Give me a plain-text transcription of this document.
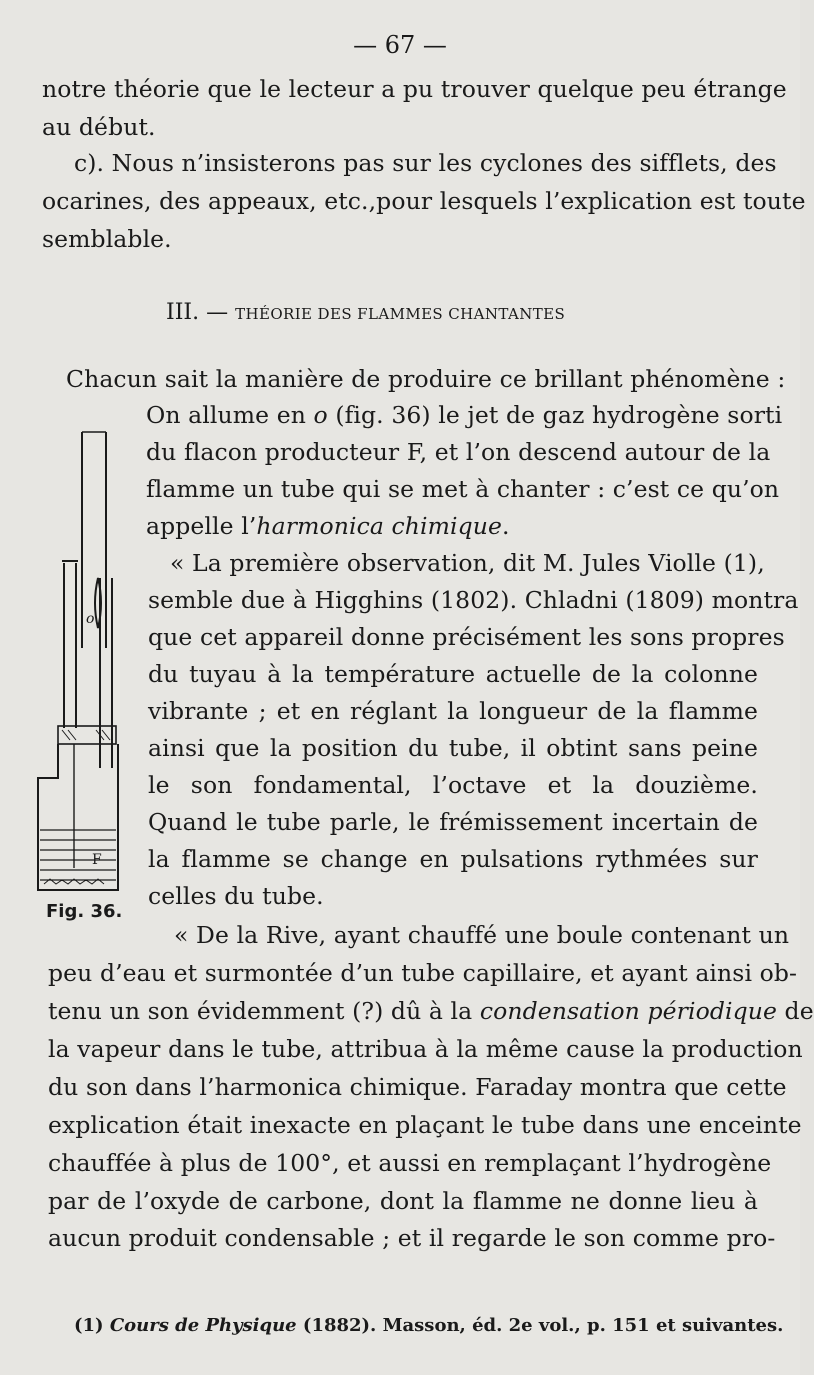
— 67 —
notre théorie que le lecteur a pu trouver quelque peu étrange
au début.
c). Nous n’insisterons pas sur les cyclones des sifflets, des
ocarines, des appeaux, etc.,pour lesquels l’explication est toute
semblable.
III. — THÉORIE DES FLAMMES CHANTANTES
Chacun sait la manière de produire ce brillant phénomène :
On allume en o (fig. 36) le jet de gaz hydrogène sorti
du flacon producteur F, et l’on descend autour de la
flamme un tube qui se met à chanter : c’est ce qu’on
appelle l’harmonica chimique.
« La première observation, dit M. Jules Violle (1),
semble due à Higghins (1802). Chladni (1809) montra
que cet appareil donne précisément les sons propres
du tuyau à la température actuelle de la colonne
vibrante ; et en réglant la longueur de la flamme
ainsi que la position du tube, il obtint sans peine
le son fondamental, l’octave et la douzième.
Quand le tube parle, le frémissement incertain de
la flamme se change en pulsations rythmées sur
celles du tube.
« De la Rive, ayant chauffé une boule contenant un
peu d’eau et surmontée d’un tube capillaire, et ayant ainsi ob-
tenu un son évidemment (?) dû à la condensation périodique de
la vapeur dans le tube, attribua à la même cause la production
du son dans l’harmonica chimique. Faraday montra que cette
explication était inexacte en plaçant le tube dans une enceinte
chauffée à plus de 100°, et aussi en remplaçant l’hydrogène
par de l’oxyde de carbone, dont la flamme ne donne lieu à
aucun produit condensable ; et il regarde le son comme pro-
o
F
Fig. 36.
(1) Cours de Physique (1882). Masson, éd. 2e vol., p. 151 et suivantes.
